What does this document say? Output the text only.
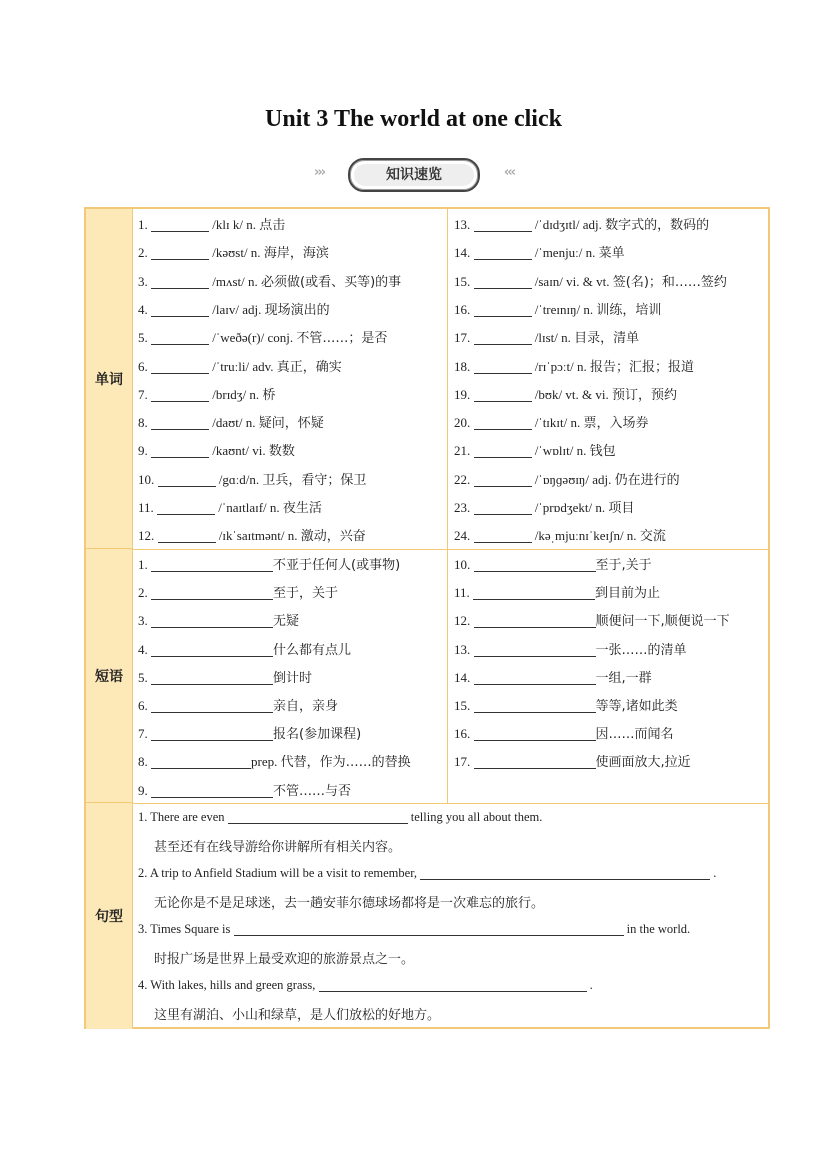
Unit 3 The world at one click
›››	知识速览	‹‹‹
单词
短语
句型
1.	/klɪ k/ n. 点击
2.	/kəʊst/ n. 海岸，海滨
3.	/mʌst/ n. 必须做(或看、买等)的事
4.	/laɪv/ adj. 现场演出的
5.	/ˈweðə(r)/ conj. 不管……；是否
6.	/ˈtruːli/ adv. 真正，确实
7.	/brɪdʒ/ n. 桥
8.	/daʊt/ n. 疑问，怀疑
9.	/kaʊnt/ vi. 数数
10.	/gɑːd/n. 卫兵，看守；保卫
11.	/ˈnaɪtlaɪf/ n. 夜生活
12.	/ɪkˈsaɪtmənt/ n. 激动，兴奋
13.	/ˈdɪdʒɪtl/ adj. 数字式的，数码的
14.	/ˈmenjuː/ n. 菜单
15.	/saɪn/ vi. & vt. 签(名)；和……签约
16.	/ˈtreɪnɪŋ/ n. 训练，培训
17.	/lɪst/ n. 目录，清单
18.	/rɪˈpɔːt/ n. 报告；汇报；报道
19.	/bʊk/ vt. & vi. 预订，预约
20.	/ˈtɪkɪt/ n. 票，入场券
21.	/ˈwɒlɪt/ n. 钱包
22.	/ˈɒŋɡəʊɪŋ/ adj. 仍在进行的
23.	/ˈprɒdʒekt/ n. 项目
24.	/kəˌmjuːnɪˈkeɪʃn/ n. 交流
1.	不亚于任何人(或事物)
2.	至于，关于
3.	无疑
4.	什么都有点儿
5.	倒计时
6.	亲自，亲身
7.	报名(参加课程)
8.	prep. 代替，作为……的替换
9.	不管……与否
10.	至于,关于
11.	到目前为止
12.	顺便问一下,顺便说一下
13.	一张……的清单
14.	一组,一群
15.	等等,诸如此类
16.	因……而闻名
17.	使画面放大,拉近
1. There are even	telling you all about them.
甚至还有在线导游给你讲解所有相关内容。
2. A trip to Anfield Stadium will be a visit to remember,	.
无论你是不是足球迷，去一趟安菲尔德球场都将是一次难忘的旅行。
3. Times Square is	in the world.
时报广场是世界上最受欢迎的旅游景点之一。
4. With lakes, hills and green grass,	.
这里有湖泊、小山和绿草，是人们放松的好地方。
